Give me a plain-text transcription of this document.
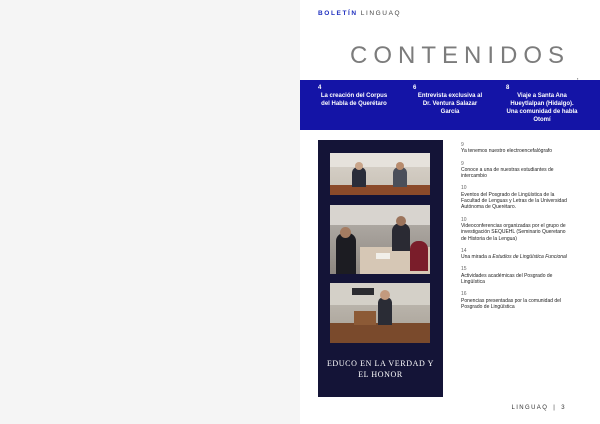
BOLETÍN LINGUAQ
CONTENIDOS
▪
4
La creación del Corpus del Habla de Querétaro
6
Entrevista exclusiva al Dr. Ventura Salazar García
8
Viaje a Santa Ana Hueytlalpan (Hidalgo). Una comunidad de habla Otomí
EDUCO EN LA VERDAD Y
EL HONOR
9
Ya tenemos nuestro electroencefalógrafo
9
Conoce a una de nuestras estudiantes de intercambio
10
Eventos del Posgrado de Lingüística de la Facultad de Lenguas y Letras de la Universidad Autónoma de Querétaro.
10
Videoconferencias organizadas por el grupo de investigación SEQUEHL (Seminario Queretano de Historia de la Lengua)
14
Una mirada a Estudios de Lingüística Funcional
15
Actividades académicas del Posgrado de Lingüística
16
Ponencias presentadas por la comunidad del Posgrado de Lingüística
LINGUAQ | 3
